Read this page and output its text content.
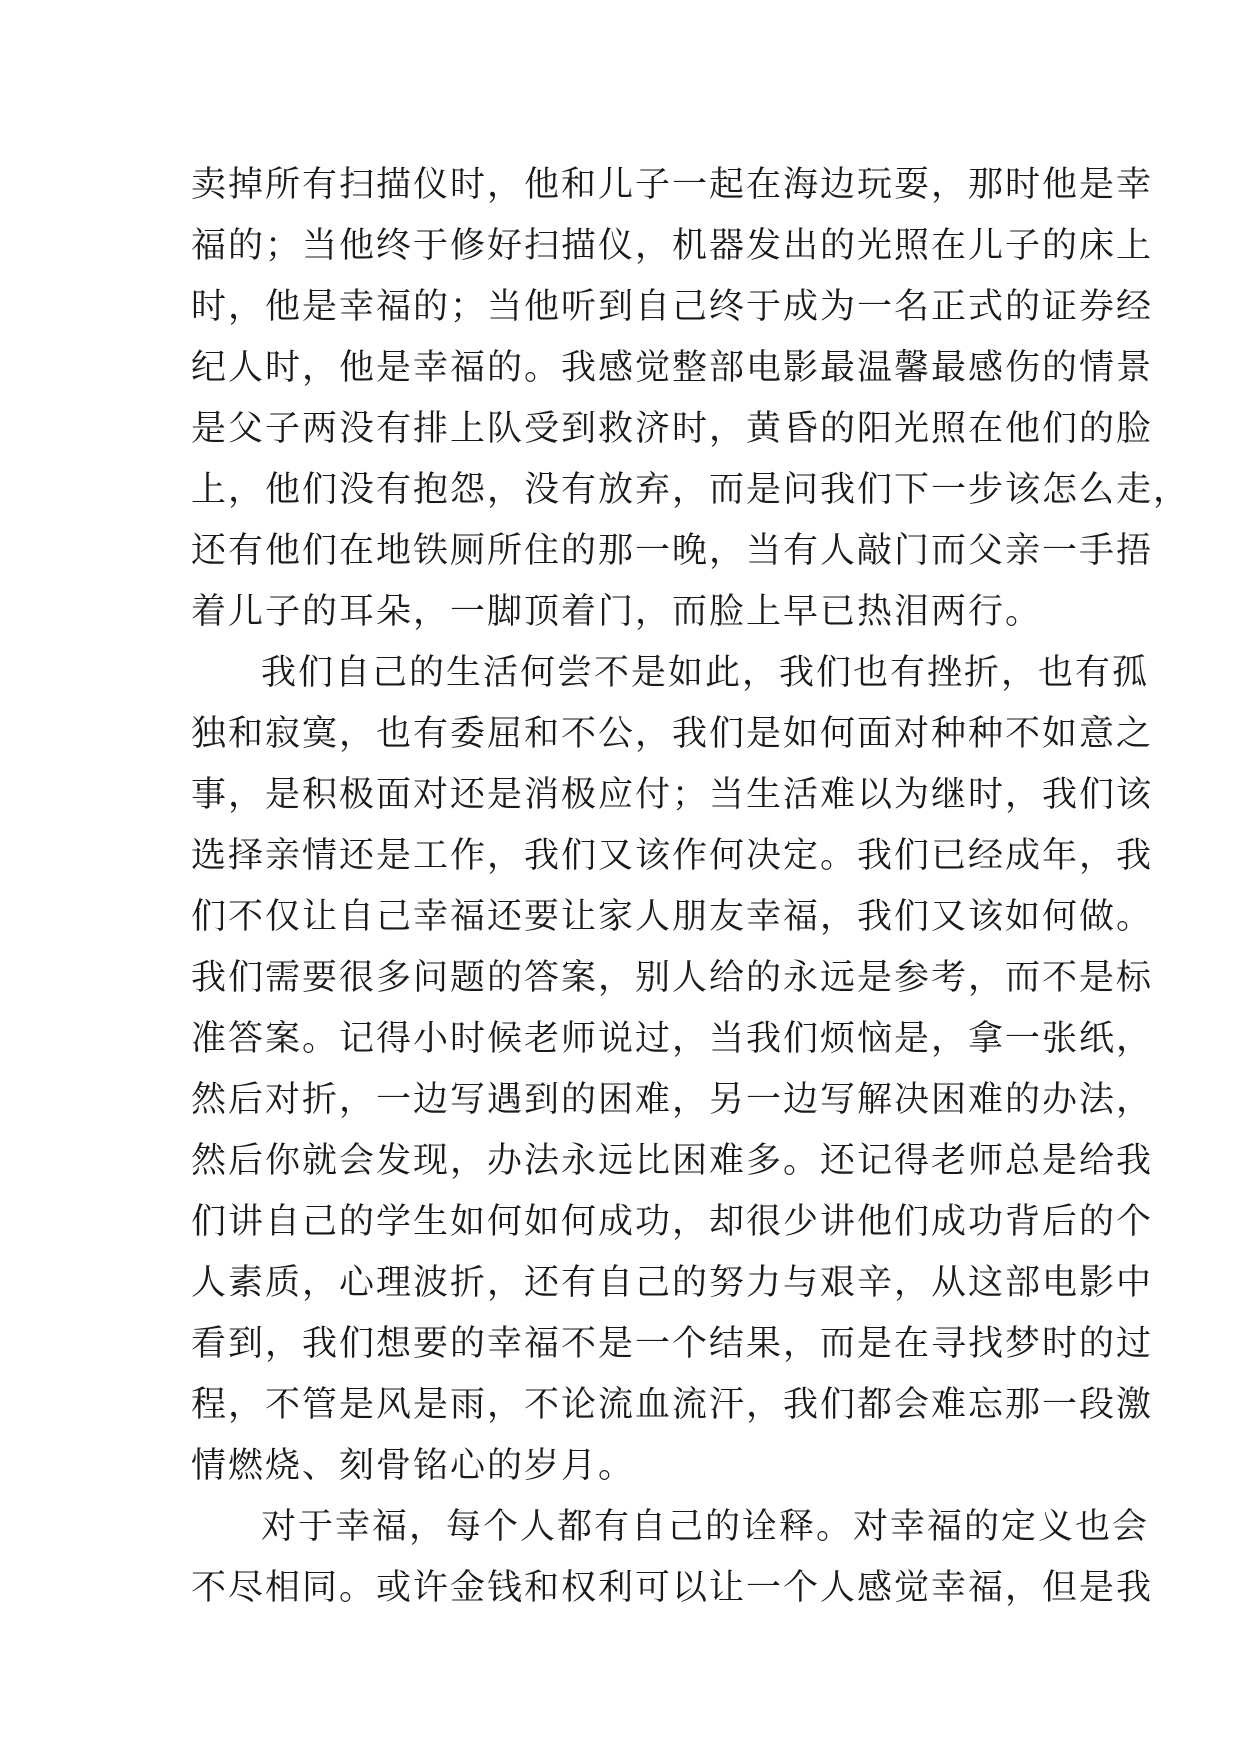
卖掉所有扫描仪时，他和儿子一起在海边玩耍，那时他是幸
福的；当他终于修好扫描仪，机器发出的光照在儿子的床上
时，他是幸福的；当他听到自己终于成为一名正式的证券经
纪人时，他是幸福的。我感觉整部电影最温馨最感伤的情景
是父子两没有排上队受到救济时，黄昏的阳光照在他们的脸
上，他们没有抱怨，没有放弃，而是问我们下一步该怎么走，
还有他们在地铁厕所住的那一晚，当有人敲门而父亲一手捂
着儿子的耳朵，一脚顶着门，而脸上早已热泪两行。
我们自己的生活何尝不是如此，我们也有挫折，也有孤
独和寂寞，也有委屈和不公，我们是如何面对种种不如意之
事，是积极面对还是消极应付；当生活难以为继时，我们该
选择亲情还是工作，我们又该作何决定。我们已经成年，我
们不仅让自己幸福还要让家人朋友幸福，我们又该如何做。
我们需要很多问题的答案，别人给的永远是参考，而不是标
准答案。记得小时候老师说过，当我们烦恼是，拿一张纸，
然后对折，一边写遇到的困难，另一边写解决困难的办法，
然后你就会发现，办法永远比困难多。还记得老师总是给我
们讲自己的学生如何如何成功，却很少讲他们成功背后的个
人素质，心理波折，还有自己的努力与艰辛，从这部电影中
看到，我们想要的幸福不是一个结果，而是在寻找梦时的过
程，不管是风是雨，不论流血流汗，我们都会难忘那一段激
情燃烧、刻骨铭心的岁月。
对于幸福，每个人都有自己的诠释。对幸福的定义也会
不尽相同。或许金钱和权利可以让一个人感觉幸福，但是我
